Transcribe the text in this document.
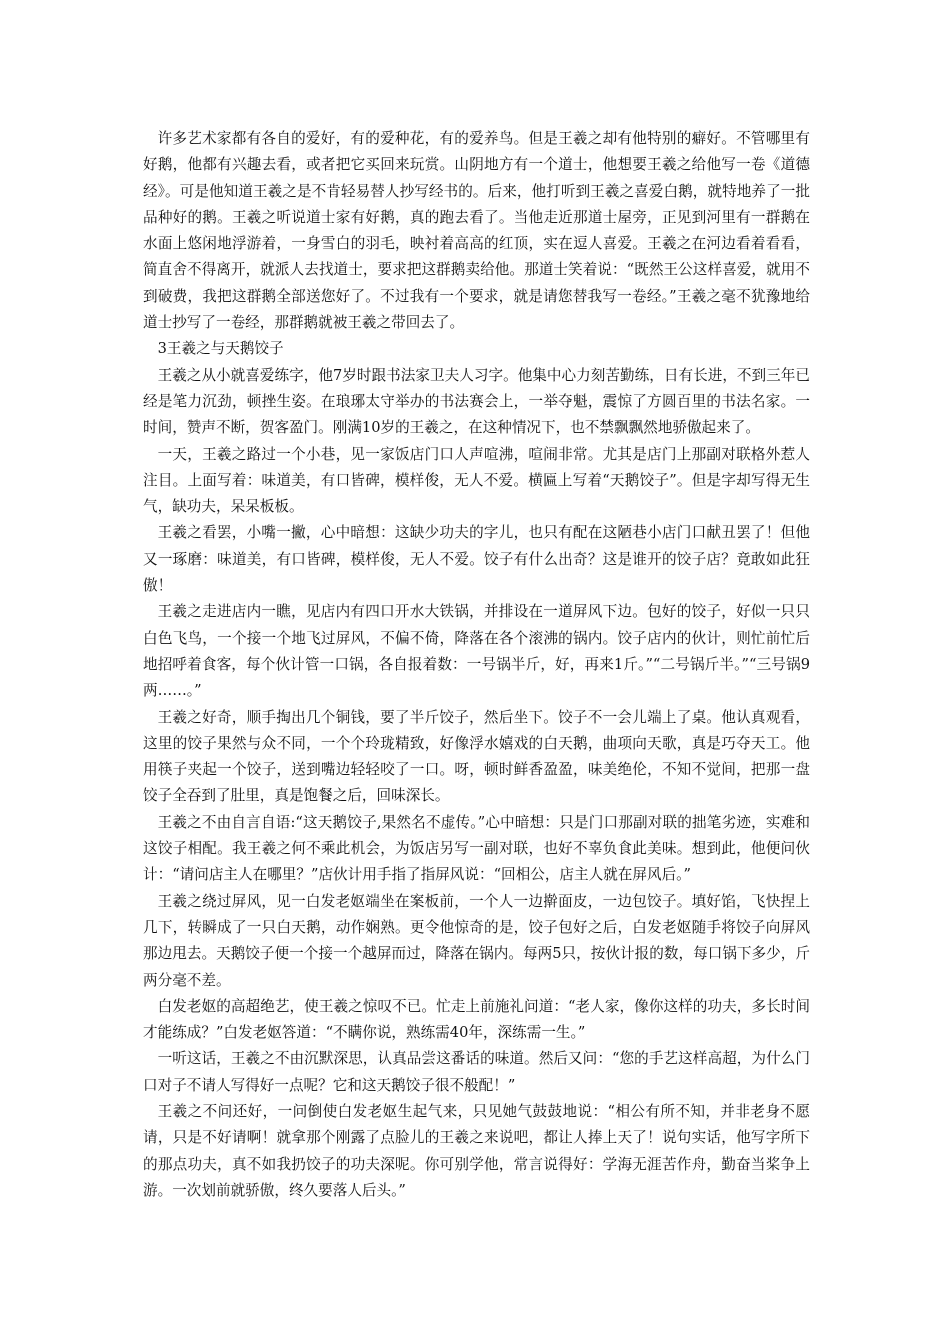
许多艺术家都有各自的爱好，有的爱种花，有的爱养鸟。但是王羲之却有他特别的癖好。不管哪里有好鹅，他都有兴趣去看，或者把它买回来玩赏。山阴地方有一个道士，他想要王羲之给他写一卷《道德经》。可是他知道王羲之是不肯轻易替人抄写经书的。后来，他打听到王羲之喜爱白鹅，就特地养了一批品种好的鹅。王羲之听说道士家有好鹅，真的跑去看了。当他走近那道士屋旁，正见到河里有一群鹅在水面上悠闲地浮游着，一身雪白的羽毛，映衬着高高的红顶，实在逗人喜爱。王羲之在河边看着看看，简直舍不得离开，就派人去找道士，要求把这群鹅卖给他。那道士笑着说：“既然王公这样喜爱，就用不到破费，我把这群鹅全部送您好了。不过我有一个要求，就是请您替我写一卷经。”王羲之毫不犹豫地给道士抄写了一卷经，那群鹅就被王羲之带回去了。

3王羲之与天鹅饺子

王羲之从小就喜爱练字，他7岁时跟书法家卫夫人习字。他集中心力刻苦勤练，日有长进，不到三年已经是笔力沉劲，顿挫生姿。在琅琊太守举办的书法赛会上，一举夺魁，震惊了方圆百里的书法名家。一时间，赞声不断，贺客盈门。刚满10岁的王羲之，在这种情况下，也不禁飘飘然地骄傲起来了。

一天，王羲之路过一个小巷，见一家饭店门口人声喧沸，喧闹非常。尤其是店门上那副对联格外惹人注目。上面写着：味道美，有口皆碑，模样俊，无人不爱。横匾上写着“天鹅饺子”。但是字却写得无生气，缺功夫，呆呆板板。

王羲之看罢，小嘴一撇，心中暗想：这缺少功夫的字儿，也只有配在这陋巷小店门口献丑罢了！但他又一琢磨：味道美，有口皆碑，模样俊，无人不爱。饺子有什么出奇？这是谁开的饺子店？竟敢如此狂傲！

王羲之走进店内一瞧，见店内有四口开水大铁锅，并排设在一道屏风下边。包好的饺子，好似一只只白色飞鸟，一个接一个地飞过屏风，不偏不倚，降落在各个滚沸的锅内。饺子店内的伙计，则忙前忙后地招呼着食客，每个伙计管一口锅，各自报着数：一号锅半斤，好，再来1斤。”“二号锅斤半。”“三号锅9两……。”

王羲之好奇，顺手掏出几个铜钱，要了半斤饺子，然后坐下。饺子不一会儿端上了桌。他认真观看，这里的饺子果然与众不同，一个个玲珑精致，好像浮水嬉戏的白天鹅，曲项向天歌，真是巧夺天工。他用筷子夹起一个饺子，送到嘴边轻轻咬了一口。呀，顿时鲜香盈盈，味美绝伦，不知不觉间，把那一盘饺子全吞到了肚里，真是饱餐之后，回味深长。

王羲之不由自言自语:“这天鹅饺子,果然名不虚传。”心中暗想：只是门口那副对联的拙笔劣迹，实难和这饺子相配。我王羲之何不乘此机会，为饭店另写一副对联，也好不辜负食此美味。想到此，他便问伙计：“请问店主人在哪里？”店伙计用手指了指屏风说：“回相公，店主人就在屏风后。”

王羲之绕过屏风，见一白发老妪端坐在案板前，一个人一边擀面皮，一边包饺子。填好馅，飞快捏上几下，转瞬成了一只白天鹅，动作娴熟。更令他惊奇的是，饺子包好之后，白发老妪随手将饺子向屏风那边甩去。天鹅饺子便一个接一个越屏而过，降落在锅内。每两5只，按伙计报的数，每口锅下多少，斤两分毫不差。

白发老妪的高超绝艺，使王羲之惊叹不已。忙走上前施礼问道：“老人家，像你这样的功夫，多长时间才能练成？”白发老妪答道：“不瞒你说，熟练需40年，深练需一生。”

一听这话，王羲之不由沉默深思，认真品尝这番话的味道。然后又问：“您的手艺这样高超，为什么门口对子不请人写得好一点呢？它和这天鹅饺子很不般配！”

王羲之不问还好，一问倒使白发老妪生起气来，只见她气鼓鼓地说：“相公有所不知，并非老身不愿请，只是不好请啊！就拿那个刚露了点脸儿的王羲之来说吧，都让人捧上天了！说句实话，他写字所下的那点功夫，真不如我扔饺子的功夫深呢。你可别学他，常言说得好：学海无涯苦作舟，勤奋当桨争上游。一次划前就骄傲，终久要落人后头。”
